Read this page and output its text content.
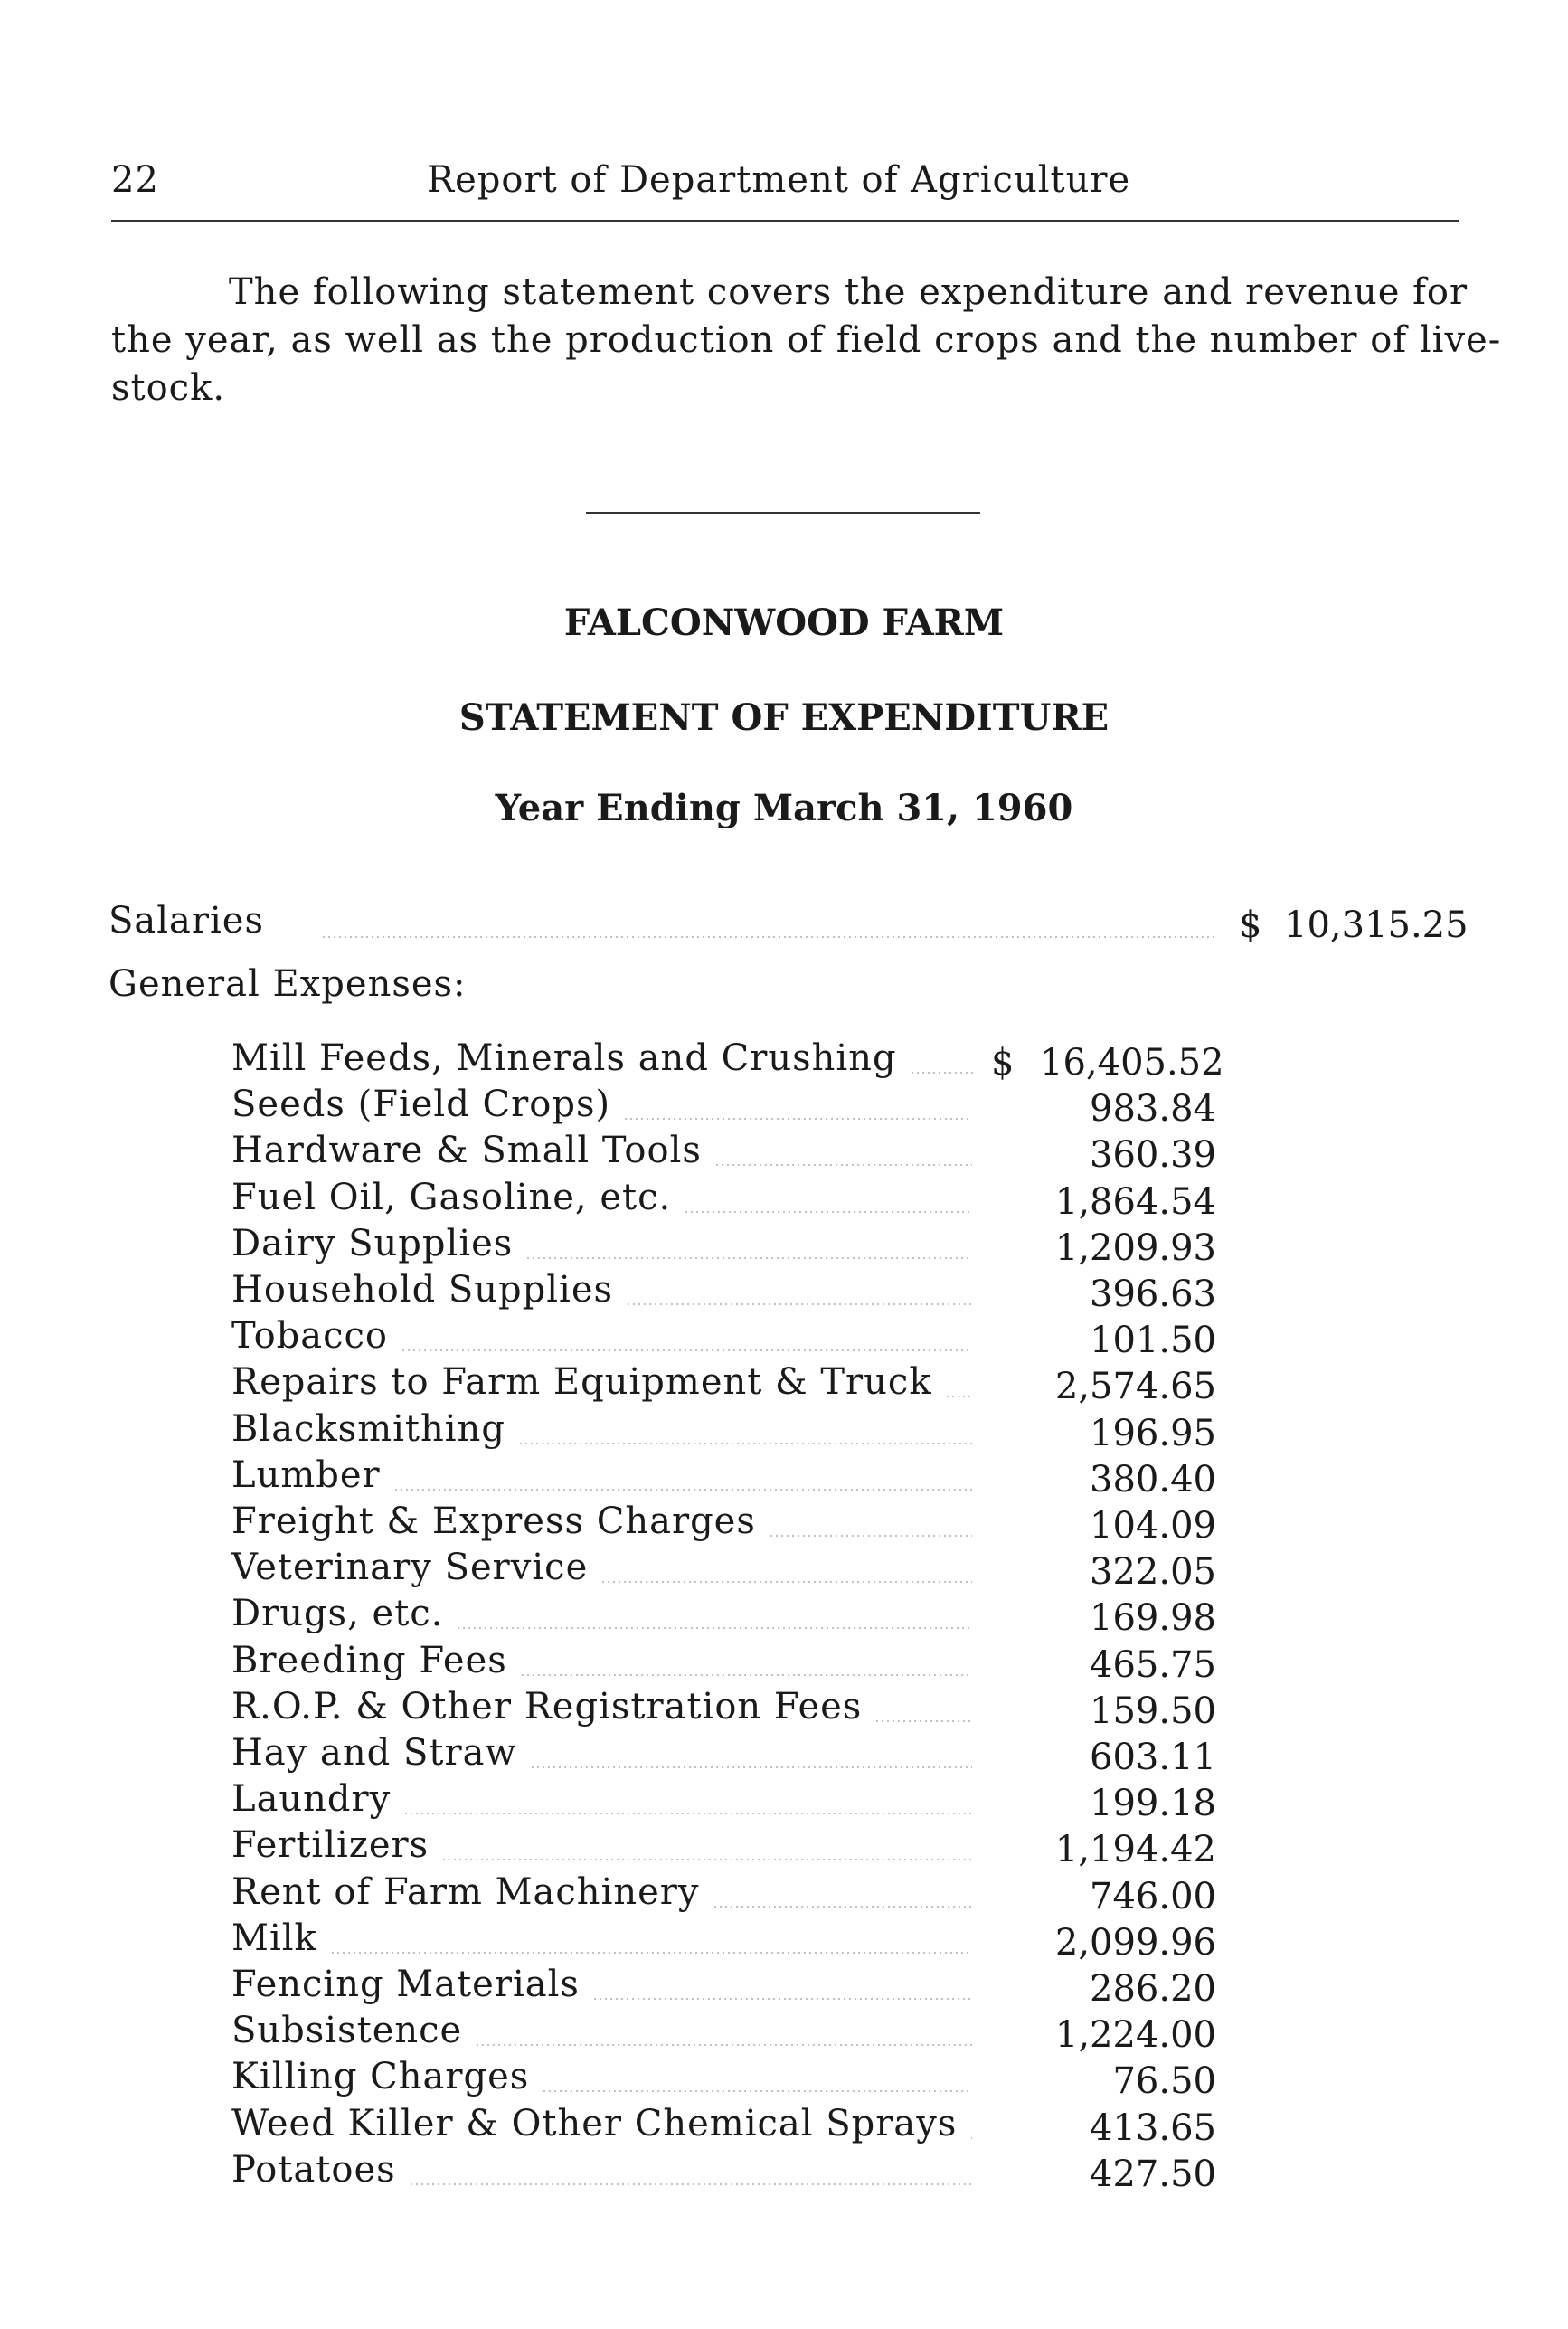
22	Report of Department of Agriculture
The following statement covers the expenditure and revenue for
the year, as well as the production of field crops and the number of live-
stock.
FALCONWOOD FARM
STATEMENT OF EXPENDITURE
Year Ending March 31, 1960
Salaries	$ 10,315.25
General Expenses:
$
Mill Feeds, Minerals and Crushing	16,405.52
Seeds (Field Crops)	983.84
Hardware & Small Tools	360.39
Fuel Oil, Gasoline, etc.	1,864.54
Dairy Supplies	1,209.93
Household Supplies	396.63
Tobacco	101.50
Repairs to Farm Equipment & Truck	2,574.65
Blacksmithing	196.95
Lumber	380.40
Freight & Express Charges	104.09
Veterinary Service	322.05
Drugs, etc.	169.98
Breeding Fees	465.75
R.O.P. & Other Registration Fees	159.50
Hay and Straw	603.11
Laundry	199.18
Fertilizers	1,194.42
Rent of Farm Machinery	746.00
Milk	2,099.96
Fencing Materials	286.20
Subsistence	1,224.00
Killing Charges	76.50
Weed Killer & Other Chemical Sprays	413.65
Potatoes	427.50
